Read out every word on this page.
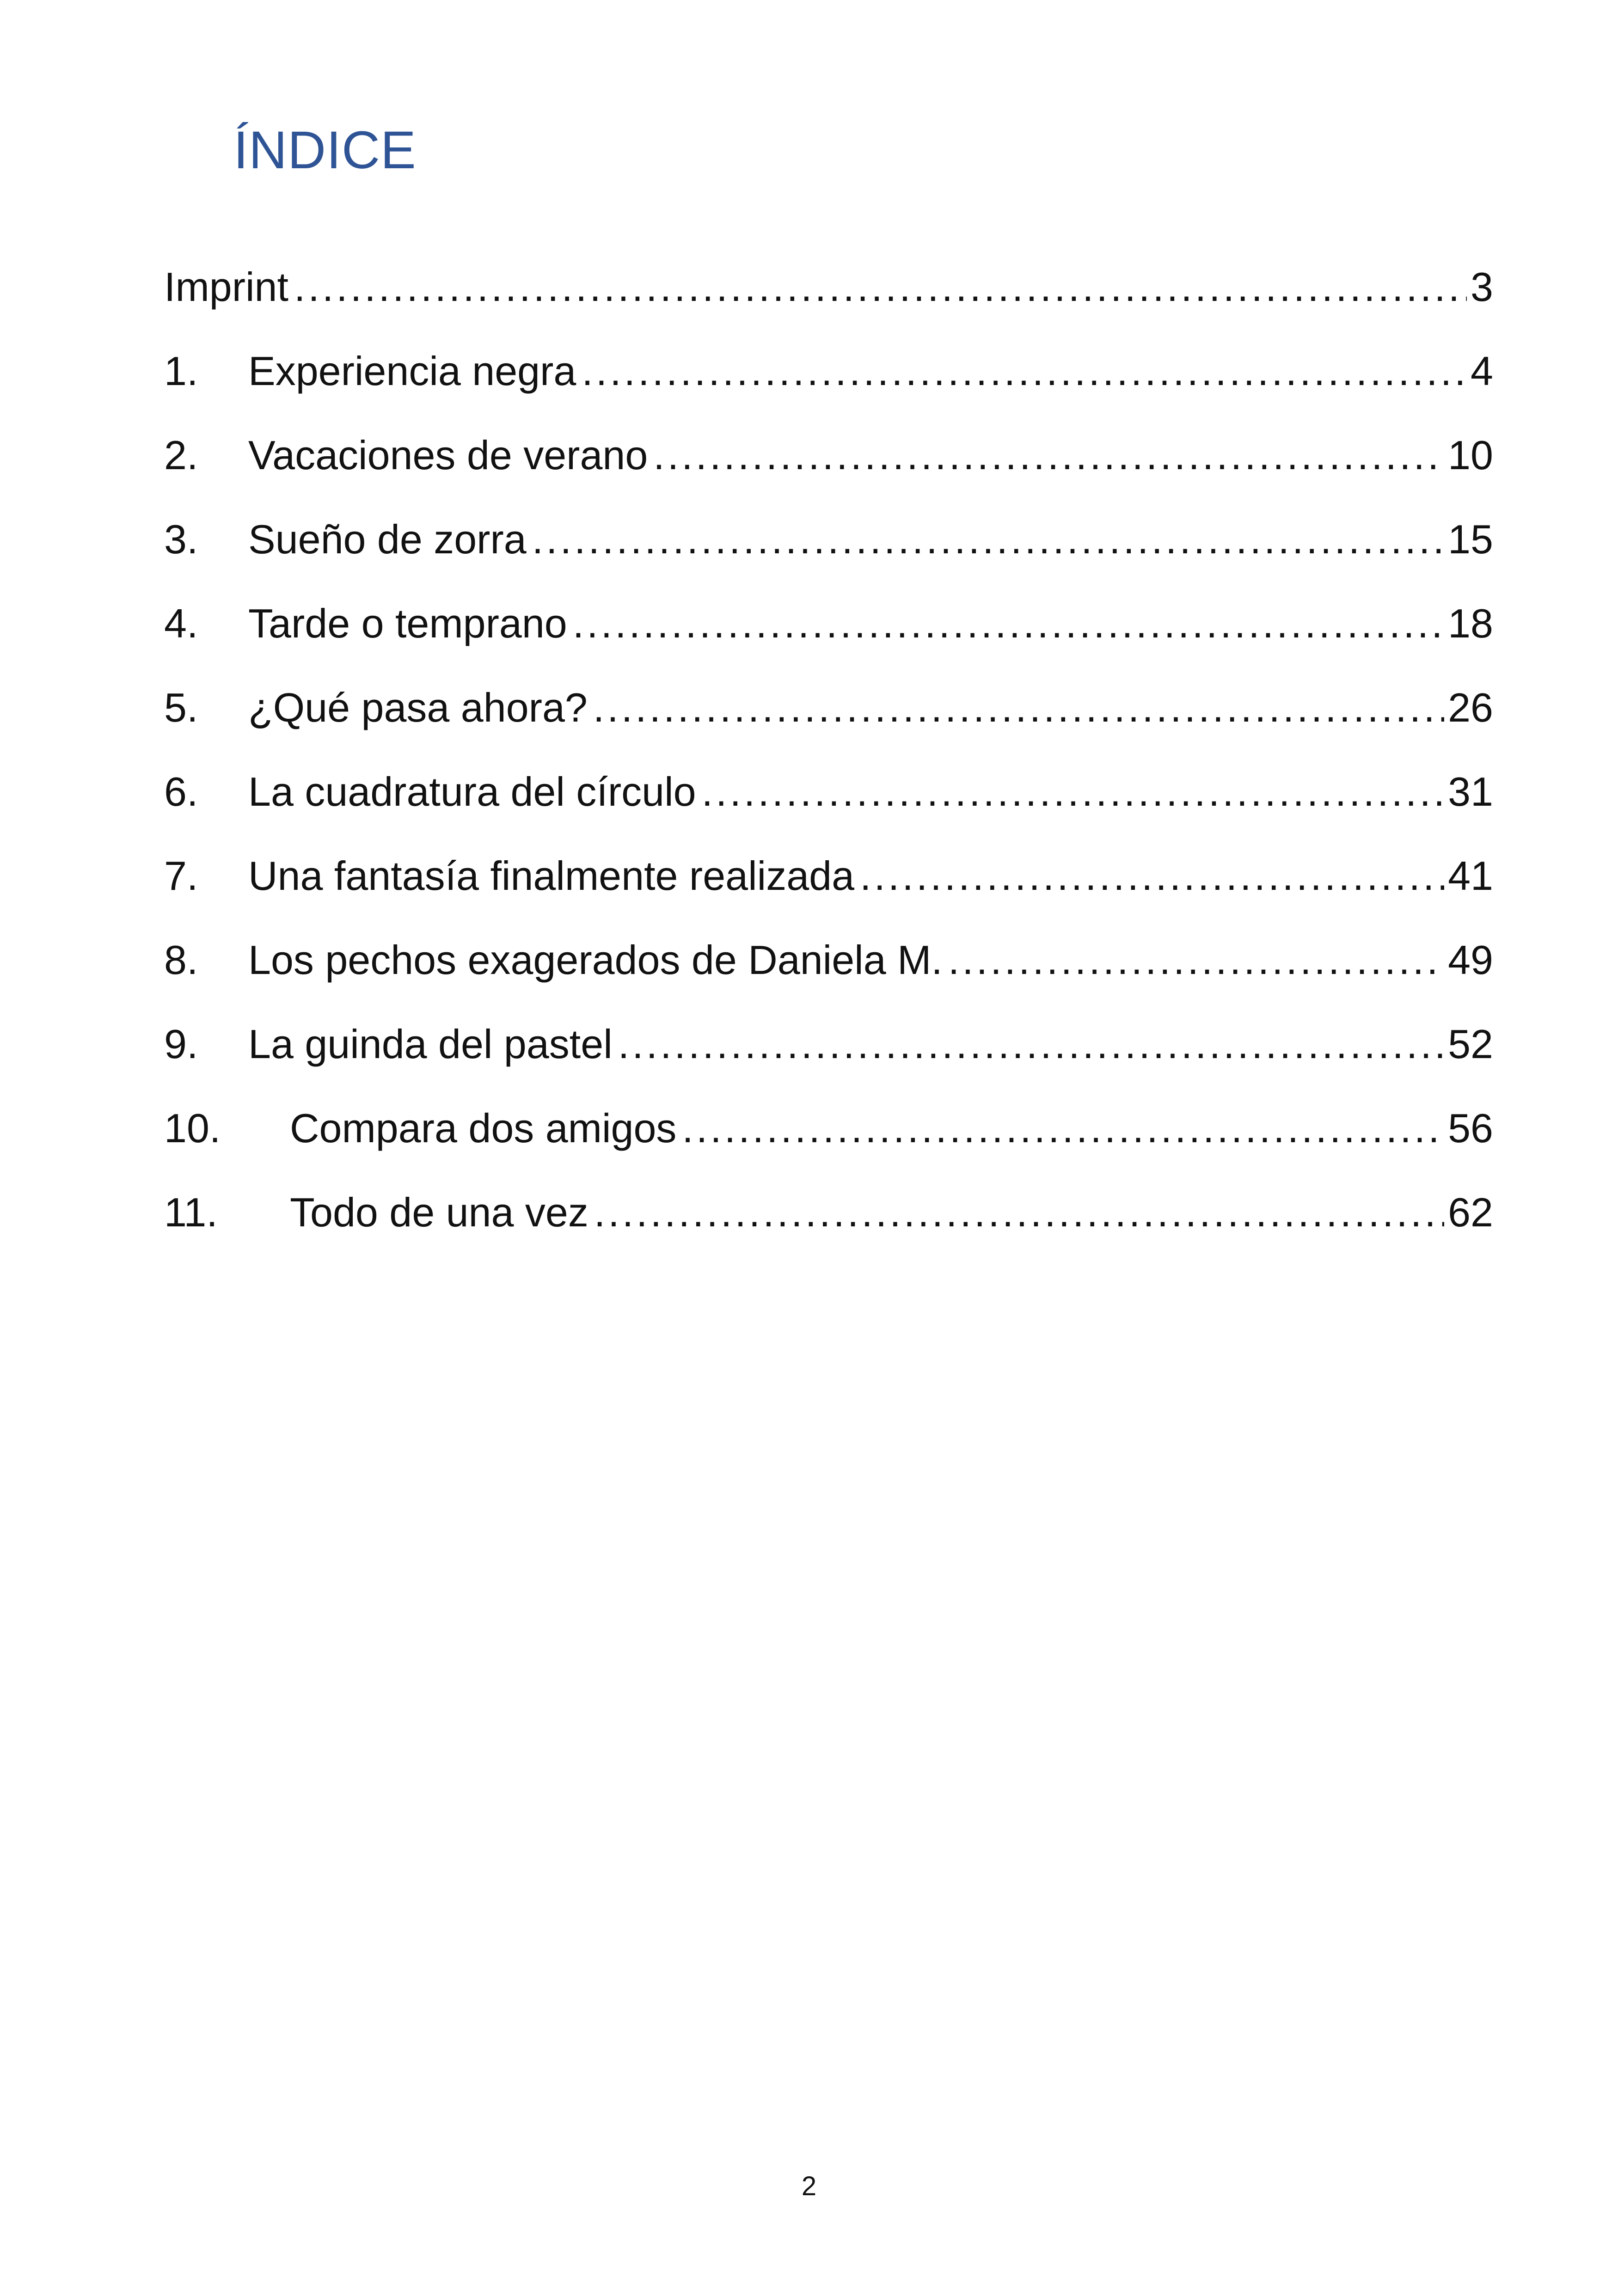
ÍNDICE
Imprint .....	3
1.	Experiencia negra .....	4
2.	Vacaciones de verano .....	10
3.	Sueño de zorra .....	15
4.	Tarde o temprano .....	18
5.	¿Qué pasa ahora? .....	26
6.	La cuadratura del círculo .....	31
7.	Una fantasía finalmente realizada .....	41
8.	Los pechos exagerados de Daniela M. .....	49
9.	La guinda del pastel .....	52
10.	Compara dos amigos .....	56
11.	Todo de una vez .....	62
2
